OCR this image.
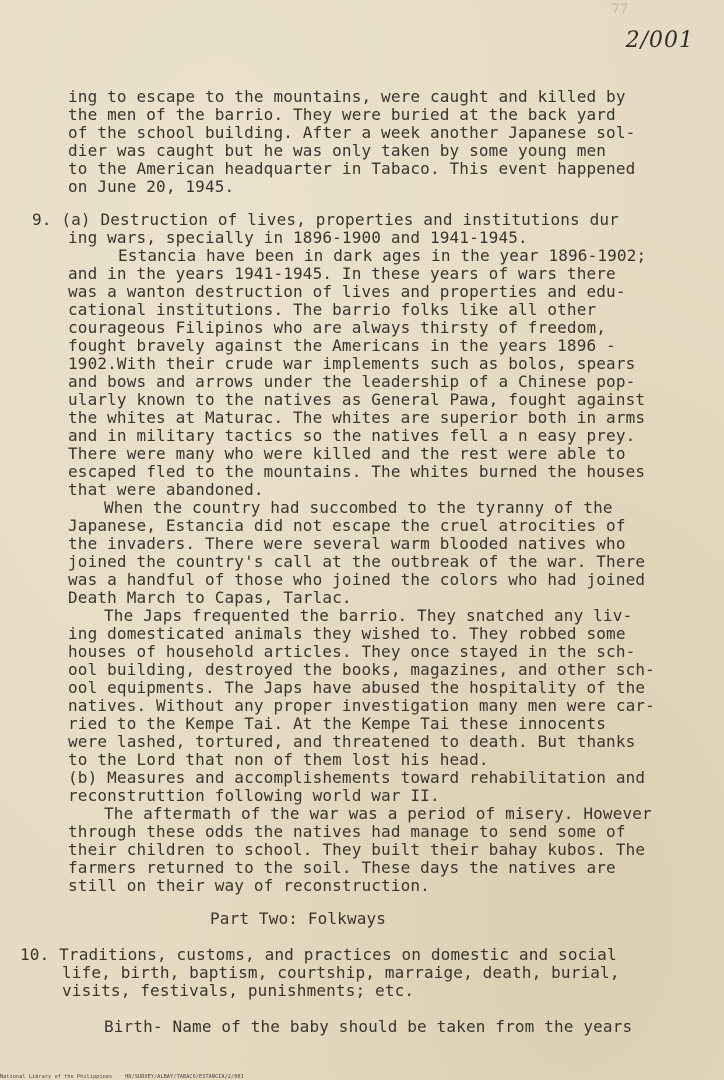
77
2/001
ing to escape to the mountains, were caught and killed by
the men of the barrio. They were buried at the back yard
of the school building. After a week another Japanese sol-
dier was caught but he was only taken by some young men
to the American headquarter in Tabaco. This event happened
on June 20, 1945.
9. (a) Destruction of lives, properties and institutions dur
ing wars, specially in 1896-1900 and 1941-1945.
Estancia have been in dark ages in the year 1896-1902;
and in the years 1941-1945. In these years of wars there
was a wanton destruction of lives and properties and edu-
cational institutions. The barrio folks like all other
courageous Filipinos who are always thirsty of freedom,
fought bravely against the Americans in the years 1896 -
1902.With their crude war implements such as bolos, spears
and bows and arrows under the leadership of a Chinese pop-
ularly known to the natives as General Pawa, fought against
the whites at Maturac. The whites are superior both in arms
and in military tactics so the natives fell a n easy prey.
There were many who were killed and the rest were able to
escaped fled to the mountains. The whites burned the houses
that were abandoned.
When the country had succombed to the tyranny of the
Japanese, Estancia did not escape the cruel atrocities of
the invaders. There were several warm blooded natives who
joined the country's call at the outbreak of the war. There
was a handful of those who joined the colors who had joined
Death March to Capas, Tarlac.
The Japs frequented the barrio. They snatched any liv-
ing domesticated animals they wished to. They robbed some
houses of household articles. They once stayed in the sch-
ool building, destroyed the books, magazines, and other sch-
ool equipments. The Japs have abused the hospitality of the
natives. Without any proper investigation many men were car-
ried to the Kempe Tai. At the Kempe Tai these innocents
were lashed, tortured, and threatened to death. But thanks
to the Lord that non of them lost his head.
(b) Measures and accomplishements toward rehabilitation and
reconstruttion following world war II.
The aftermath of the war was a period of misery. However
through these odds the natives had manage to send some of
their children to school. They built their bahay kubos. The
farmers returned to the soil. These days the natives are
still on their way of reconstruction.
Part Two: Folkways
10. Traditions, customs, and practices on domestic and social
life, birth, baptism, courtship, marraige, death, burial,
visits, festivals, punishments; etc.
Birth- Name of the baby should be taken from the years
National Library of the Philippines    HD/SURVEY/ALBAY/TABACO/ESTANCIA/2/001
